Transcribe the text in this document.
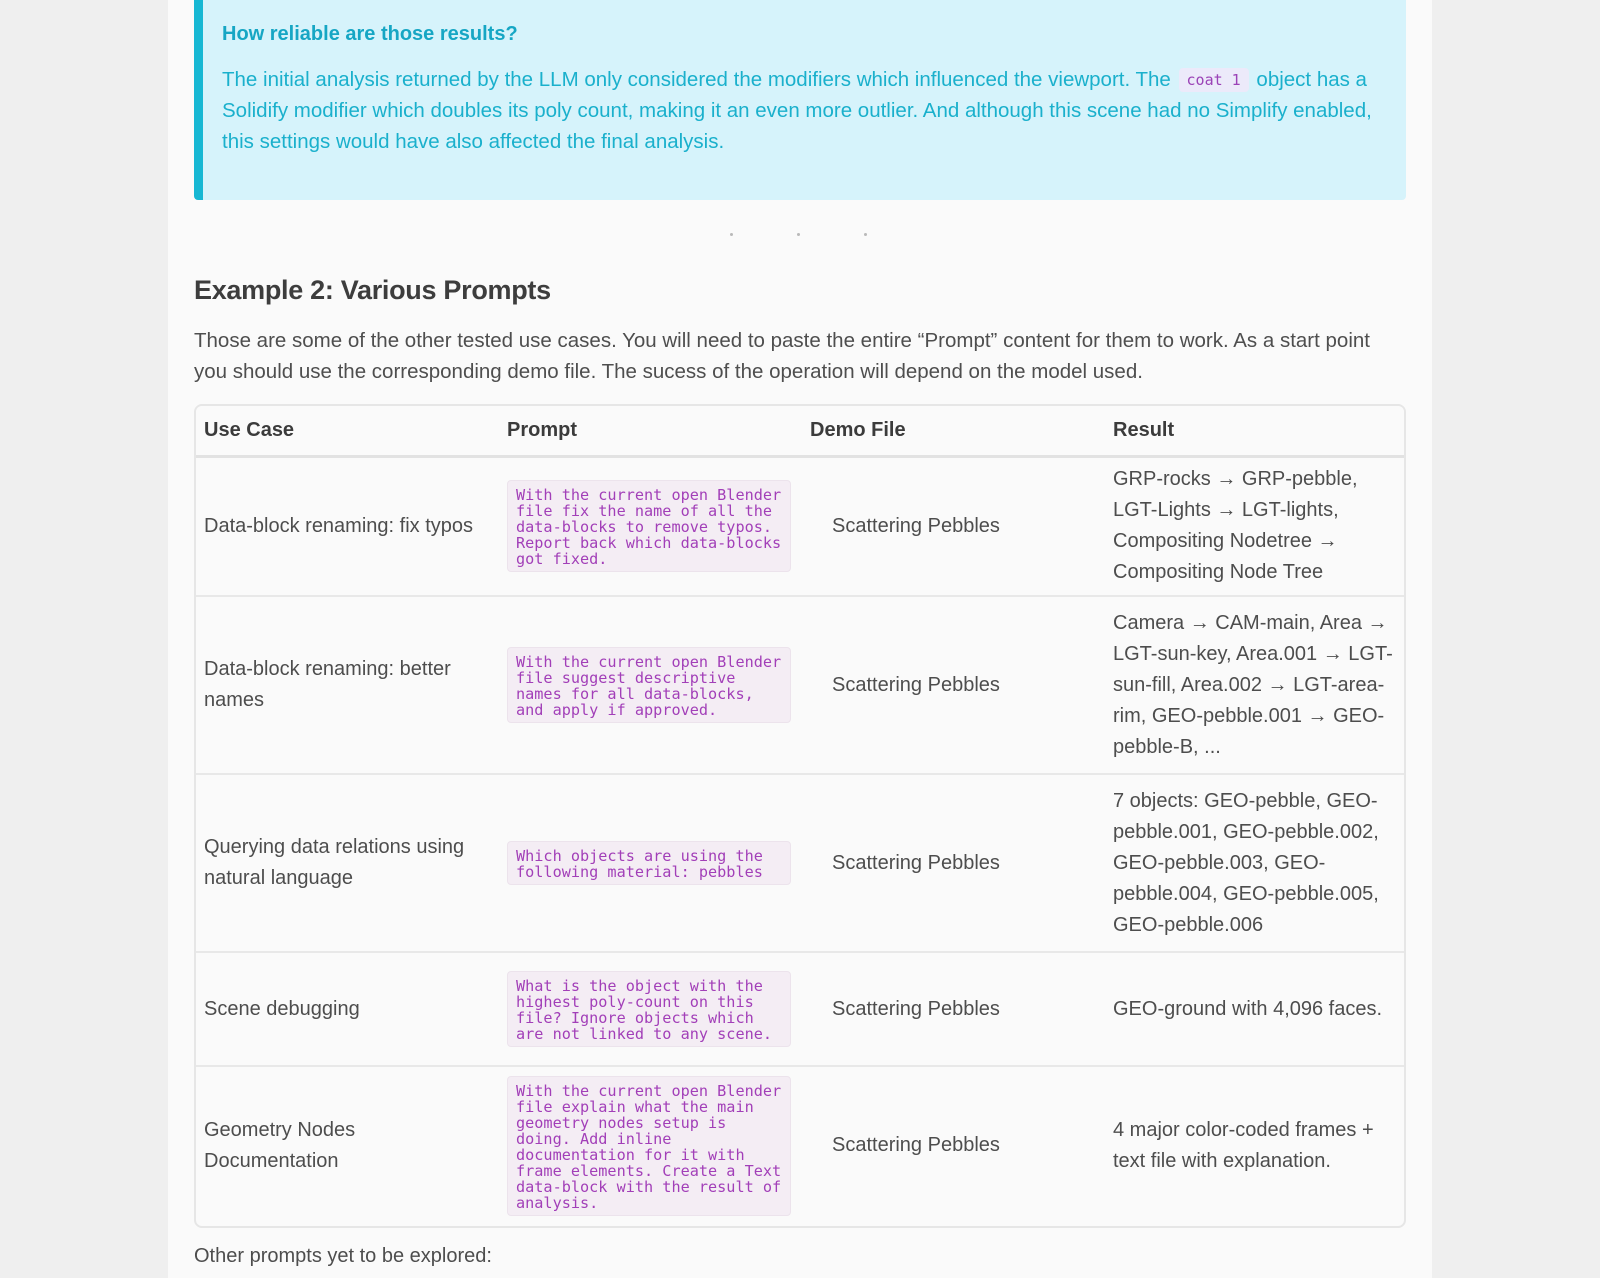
How reliable are those results?
The initial analysis returned by the LLM only considered the modifiers which influenced the viewport. The coat 1 object has a Solidify modifier which doubles its poly count, making it an even more outlier. And although this scene had no Simplify enabled, this settings would have also affected the final analysis.
Example 2: Various Prompts

Those are some of the other tested use cases. You will need to paste the entire “Prompt” content for them to work. As a start point you should use the corresponding demo file. The sucess of the operation will depend on the model used.

Use Case	Prompt	Demo File	Result
Data-block renaming: fix typos	With the current open Blender file fix the name of all the data-blocks to remove typos. Report back which data-blocks got fixed.	Scattering Pebbles	GRP-rocks → GRP-pebble, LGT-Lights → LGT-lights, Compositing Nodetree → Compositing Node Tree
Data-block renaming: better names	With the current open Blender file suggest descriptive names for all data-blocks, and apply if approved.	Scattering Pebbles	Camera → CAM-main, Area → LGT-sun-key, Area.001 → LGT-sun-fill, Area.002 → LGT-area-rim, GEO-pebble.001 → GEO-pebble-B, ...
Querying data relations using natural language	Which objects are using the following material: pebbles	Scattering Pebbles	7 objects: GEO-pebble, GEO-pebble.001, GEO-pebble.002, GEO-pebble.003, GEO-pebble.004, GEO-pebble.005, GEO-pebble.006
Scene debugging	What is the object with the highest poly-count on this file? Ignore objects which are not linked to any scene.	Scattering Pebbles	GEO-ground with 4,096 faces.
Geometry Nodes Documentation	With the current open Blender file explain what the main geometry nodes setup is doing. Add inline documentation for it with frame elements. Create a Text data-block with the result of analysis.	Scattering Pebbles	4 major color-coded frames + text file with explanation.

Other prompts yet to be explored:
